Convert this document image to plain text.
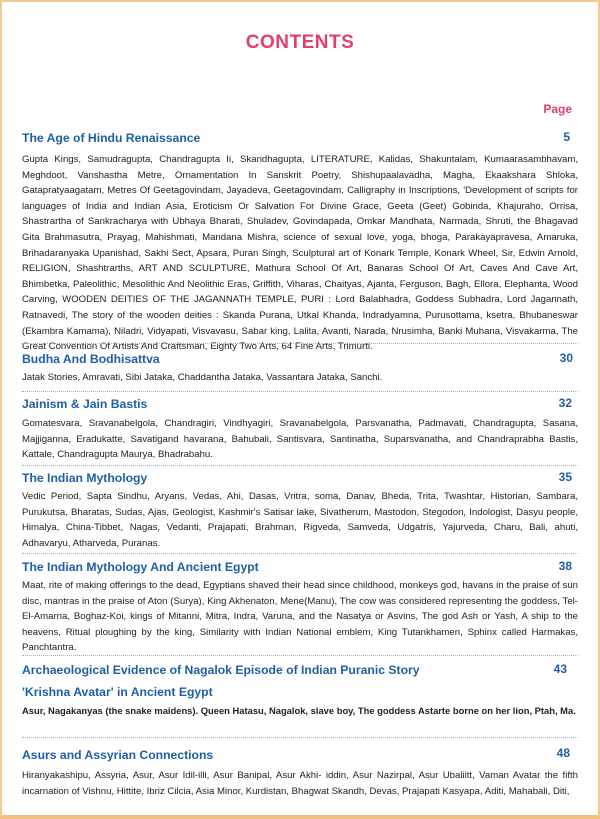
CONTENTS
Page
The Age of Hindu Renaissance	5
Gupta Kings, Samudragupta, Chandragupta Ii, Skandhagupta, LITERATURE, Kalidas, Shakuntalam, Kumaarasambhavam, Meghdoot, Vanshastha Metre, Ornamentation In Sanskrit Poetry, Shishupaalavadha, Magha, Ekaakshara Shloka, Gatapratyaagatam, Metres Of Geetagovindam, Jayadeva, Geetagovindam, Calligraphy in Inscriptions, 'Development of scripts for languages of India and Indian Asia, Eroticism Or Salvation For Divine Grace, Geeta (Geet) Gobinda, Khajuraho, Orrisa, Shastrartha of Sankracharya with Ubhaya Bharati, Shuladev, Govindapada, Omkar Mandhata, Narmada, Shruti, the Bhagavad Gita Brahmasutra, Prayag, Mahishmati, Mandana Mishra, science of sexual love, yoga, bhoga, Parakayapravesa, Amaruka, Brihadaranyaka Upanishad, Sakhi Sect, Apsara, Puran Singh, Sculptural art of Konark Temple, Konark Wheel, Sir, Edwin Arnold, RELIGION, Shashtrarths, ART AND SCULPTURE, Mathura School Of Art, Banaras School Of Art, Caves And Cave Art, Bhimbetka, Paleolithic, Mesolithic And Neolithic Eras, Griffith, Viharas, Chaityas, Ajanta, Ferguson, Bagh, Ellora, Elephanta, Wood Carving, WOODEN DEITIES OF THE JAGANNATH TEMPLE, PURI : Lord Balabhadra, Goddess Subhadra, Lord Jagannath, Ratnavedi, The story of the wooden deities : Skanda Purana, Utkal Khanda, Indradyamna, Purusottama, ksetra, Bhubaneswar (Ekambra Kamama), Niladri, Vidyapati, Visvavasu, Sabar king, Lalita, Avanti, Narada, Nrusimha, Banki Muhana, Visvakarma, The Great Convention Of Artists And Craftsman, Eighty Two Arts, 64 Fine Arts, Trimurti.
Budha And Bodhisattva	30
Jatak Stories, Amravati, Sibi Jataka, Chaddantha Jataka, Vassantara Jataka, Sanchi.
Jainism & Jain Bastis	32
Gomatesvara, Sravanabelgola, Chandragiri, Vindhyagiri, Sravanabelgola, Parsvanatha, Padmavati, Chandragupta, Sasana, Majjiganna, Eradukatte, Savatigand havarana, Bahubali, Santisvara, Santinatha, Suparsvanatha, and Chandraprabha Bastis, Kattale, Chandragupta Maurya, Bhadrabahu.
The Indian Mythology	35
Vedic Period, Sapta Sindhu, Aryans, Vedas, Ahi, Dasas, Vritra, soma, Danav, Bheda, Trita, Twashtar, Historian, Sambara, Purukutsa, Bharatas, Sudas, Ajas, Geologist, Kashmir's Satisar lake, Sivatherum, Mastodon, Stegodon, Indologist, Dasyu people, Himalya, China-Tibbet, Nagas, Vedanti, Prajapati, Brahman, Rigveda, Samveda, Udgatris, Yajurveda, Charu, Bali, ahuti, Adhavaryu, Atharveda, Puranas.
The Indian Mythology And Ancient Egypt	38
Maat, rite of making offerings to the dead, Egyptians shaved their head since childhood, monkeys god, havans in the praise of sun disc, mantras in the praise of Aton (Surya), King Akhenaton, Mene(Manu), The cow was considered representing the goddess, Tel-El-Amarna, Boghaz-Koi, kings of Mitanni, Mitra, Indra, Varuna, and the Nasatya or Asvins, The god Ash or Yash, A ship to the heavens, Ritual ploughing by the king, Similarity with Indian National emblem, King Tutankhamen, Sphinx called Harmakas, Panchtantra.
Archaeological Evidence of Nagalok Episode of Indian Puranic Story	43
'Krishna Avatar' in Ancient Egypt
Asur, Nagakanyas (the snake maidens). Queen Hatasu, Nagalok, slave boy, The goddess Astarte borne on her lion, Ptah, Ma.
Asurs and Assyrian Connections	48
Hiranyakashipu, Assyria, Asur, Asur Idil-illi, Asur Banipal, Asur Akhi- iddin, Asur Nazirpal, Asur Ubaliitt, Vaman Avatar the fifth incarnation of Vishnu, Hittite, Ibriz Cilcia, Asia Minor, Kurdistan, Bhagwat Skandh, Devas, Prajapati Kasyapa, Aditi, Mahabali, Diti,
